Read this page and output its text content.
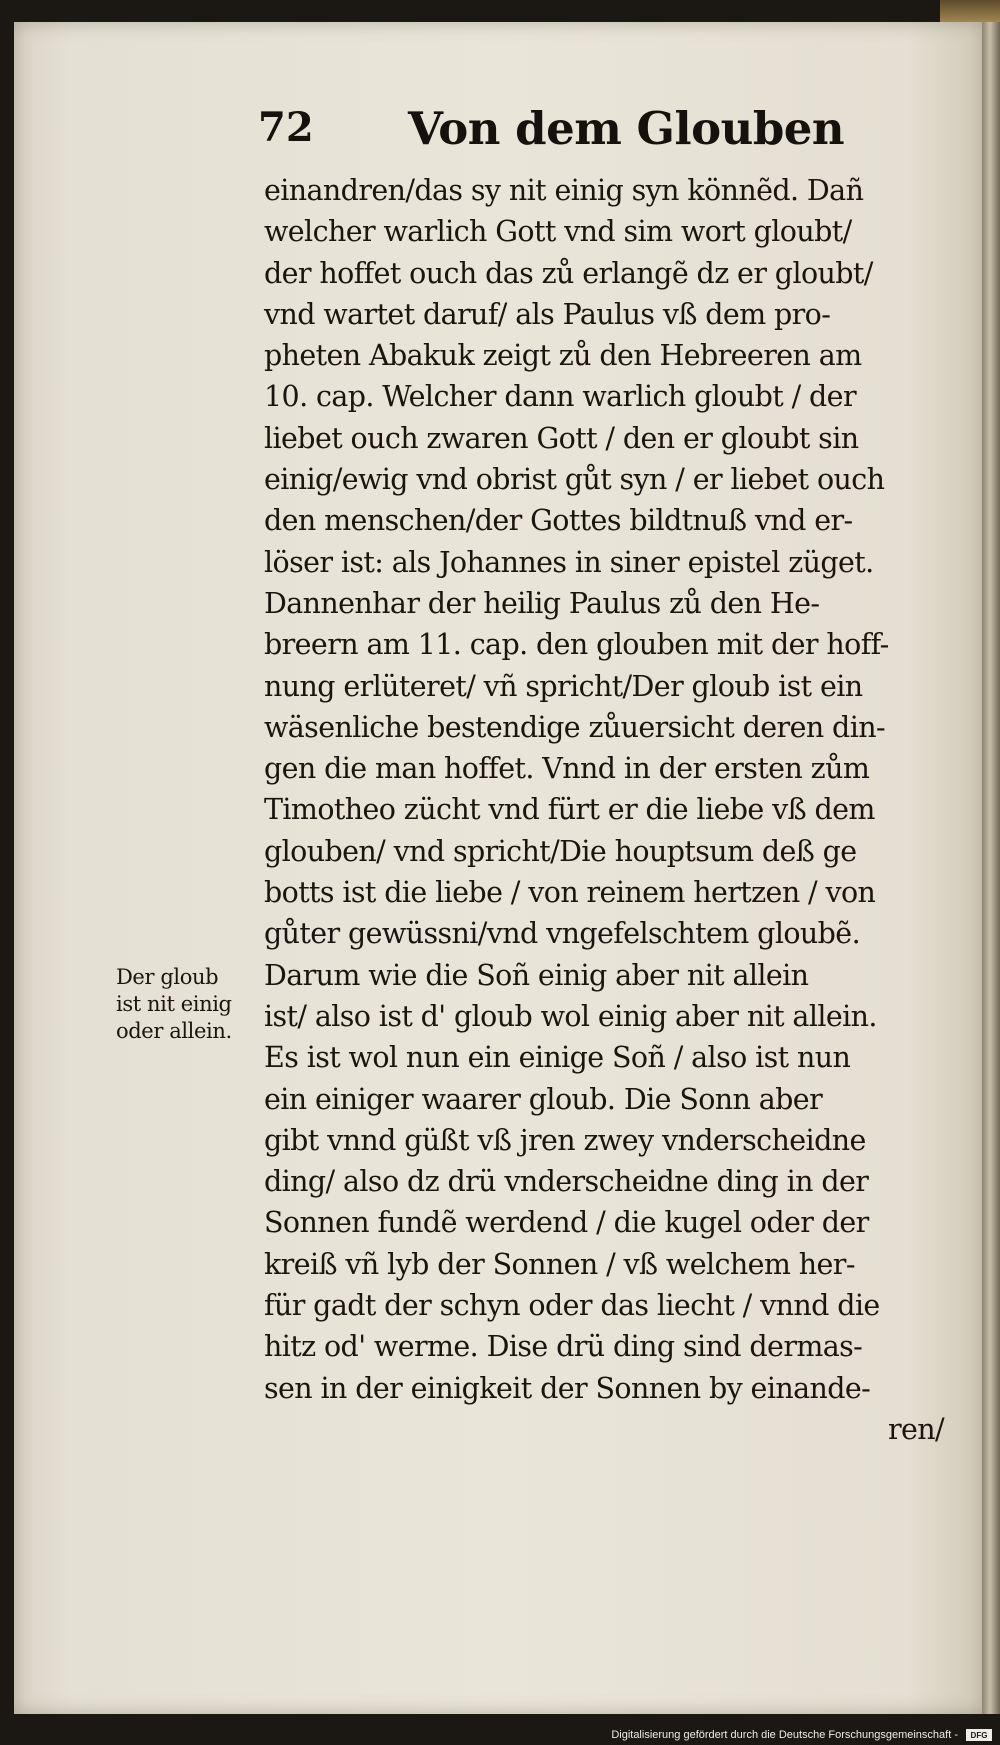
72 Von dem Glouben
Der gloub
ist nit einig
oder allein.
einandren/das sy nit einig syn könnẽd. Dañ
welcher warlich Gott vnd sim wort gloubt/
der hoffet ouch das zů erlangẽ dz er gloubt/
vnd wartet daruf/ als Paulus vß dem pro-
pheten Abakuk zeigt zů den Hebreeren am
10. cap. Welcher dann warlich gloubt / der
liebet ouch zwaren Gott / den er gloubt sin
einig/ewig vnd obrist gůt syn / er liebet ouch
den menschen/der Gottes bildtnuß vnd er-
löser ist: als Johannes in siner epistel züget.
Dannenhar der heilig Paulus zů den He-
breern am 11. cap. den glouben mit der hoff-
nung erlüteret/ vñ spricht/Der gloub ist ein
wäsenliche bestendige zůuersicht deren din-
gen die man hoffet. Vnnd in der ersten zům
Timotheo zücht vnd fürt er die liebe vß dem
glouben/ vnd spricht/Die houptsum deß ge
botts ist die liebe / von reinem hertzen / von
gůter gewüssni/vnd vngefelschtem gloubẽ.
Darum wie die Soñ einig aber nit allein
ist/ also ist d' gloub wol einig aber nit allein.
Es ist wol nun ein einige Soñ / also ist nun
ein einiger waarer gloub. Die Sonn aber
gibt vnnd güßt vß jren zwey vnderscheidne
ding/ also dz drü vnderscheidne ding in der
Sonnen fundẽ werdend / die kugel oder der
kreiß vñ lyb der Sonnen / vß welchem her-
für gadt der schyn oder das liecht / vnnd die
hitz od' werme. Dise drü ding sind dermas-
sen in der einigkeit der Sonnen by einande-
ren/
Digitalisierung gefördert durch die Deutsche Forschungsgemeinschaft -	DFG
